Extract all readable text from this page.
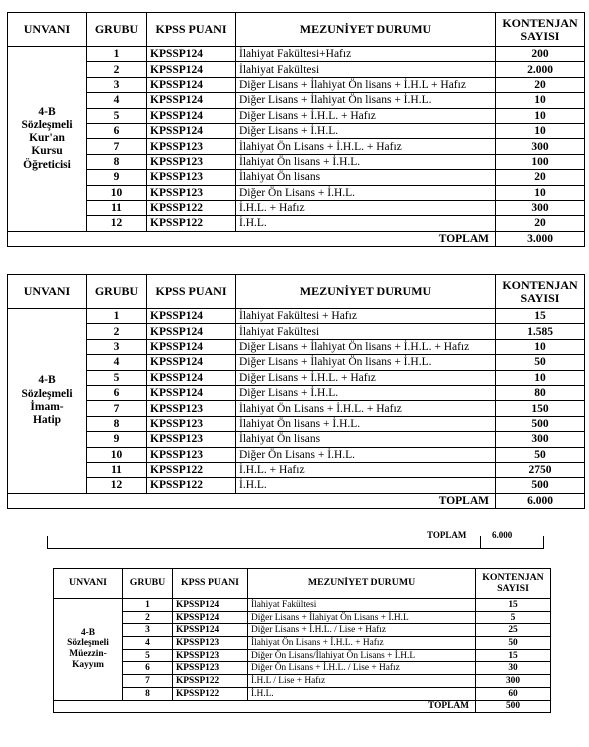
UNVANI	GRUBU	KPSS PUANI	MEZUNİYET DURUMU	KONTENJAN
SAYISI

4-B
Sözleşmeli
Kur'an
Kursu
Öğreticisi	1	KPSSP124	İlahiyat Fakültesi+Hafız	200
	2	KPSSP124	İlahiyat Fakültesi	2.000
	3	KPSSP124	Diğer Lisans + İlahiyat Ön lisans + İ.H.L + Hafız	20
	4	KPSSP124	Diğer Lisans + İlahiyat Ön lisans + İ.H.L.	10
	5	KPSSP124	Diğer Lisans + İ.H.L. + Hafız	10
	6	KPSSP124	Diğer Lisans + İ.H.L.	10
	7	KPSSP123	İlahiyat Ön Lisans + İ.H.L. + Hafız	300
	8	KPSSP123	İlahiyat Ön lisans + İ.H.L.	100
	9	KPSSP123	İlahiyat Ön lisans	20
	10	KPSSP123	Diğer Ön Lisans + İ.H.L.	10
	11	KPSSP122	İ.H.L. + Hafız	300
	12	KPSSP122	İ.H.L.	20
TOPLAM				3.000
UNVANI	GRUBU	KPSS PUANI	MEZUNİYET DURUMU	KONTENJAN
SAYISI

4-B
Sözleşmeli
İmam-
Hatip	1	KPSSP124	İlahiyat Fakültesi + Hafız	15
	2	KPSSP124	İlahiyat Fakültesi	1.585
	3	KPSSP124	Diğer Lisans + İlahiyat Ön lisans + İ.H.L. + Hafız	10
	4	KPSSP124	Diğer Lisans + İlahiyat Ön lisans + İ.H.L.	50
	5	KPSSP124	Diğer Lisans + İ.H.L. + Hafız	10
	6	KPSSP124	Diğer Lisans + İ.H.L.	80
	7	KPSSP123	İlahiyat Ön Lisans + İ.H.L. + Hafız	150
	8	KPSSP123	İlahiyat Ön lisans + İ.H.L.	500
	9	KPSSP123	İlahiyat Ön lisans	300
	10	KPSSP123	Diğer Ön Lisans + İ.H.L.	50
	11	KPSSP122	İ.H.L. + Hafız	2750
	12	KPSSP122	İ.H.L.	500
TOPLAM				6.000
TOPLAM	6.000
UNVANI	GRUBU	KPSS PUANI	MEZUNİYET DURUMU	KONTENJAN
SAYISI

4-B
Sözleşmeli
Müezzin-
Kayyım	1	KPSSP124	İlahiyat Fakültesi	15
	2	KPSSP124	Diğer Lisans + İlahiyat Ön Lisans + İ.H.L	5
	3	KPSSP124	Diğer Lisans + İ.H.L. / Lise + Hafız	25
	4	KPSSP123	İlahiyat Ön Lisans + İ.H.L. + Hafız	50
	5	KPSSP123	Diğer Ön Lisans/İlahiyat Ön Lisans + İ.H.L	15
	6	KPSSP123	Diğer Ön Lisans + İ.H.L. / Lise + Hafız	30
	7	KPSSP122	İ.H.L / Lise + Hafız	300
	8	KPSSP122	İ.H.L.	60
TOPLAM				500
